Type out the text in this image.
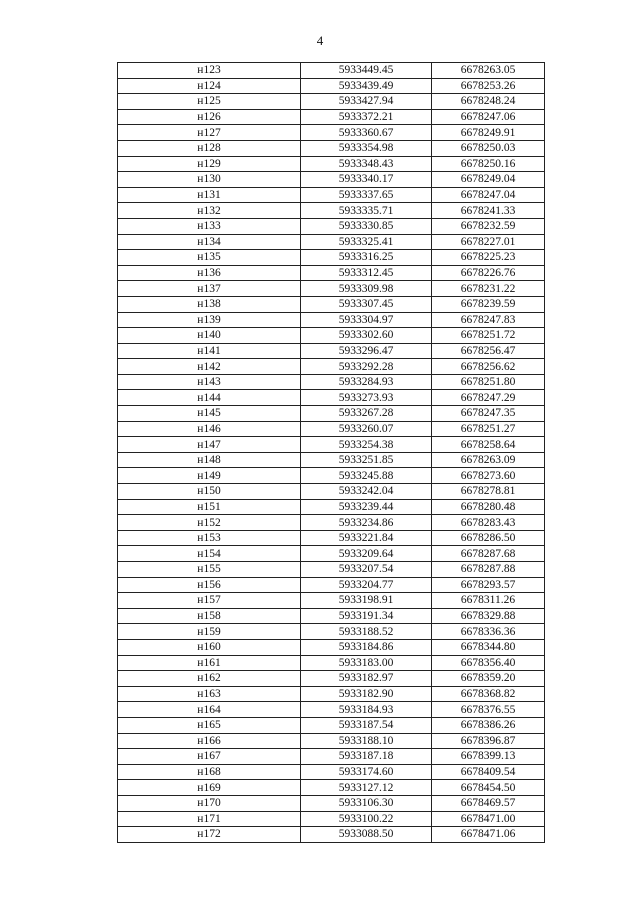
4
н123	5933449.45	6678263.05
н124	5933439.49	6678253.26
н125	5933427.94	6678248.24
н126	5933372.21	6678247.06
н127	5933360.67	6678249.91
н128	5933354.98	6678250.03
н129	5933348.43	6678250.16
н130	5933340.17	6678249.04
н131	5933337.65	6678247.04
н132	5933335.71	6678241.33
н133	5933330.85	6678232.59
н134	5933325.41	6678227.01
н135	5933316.25	6678225.23
н136	5933312.45	6678226.76
н137	5933309.98	6678231.22
н138	5933307.45	6678239.59
н139	5933304.97	6678247.83
н140	5933302.60	6678251.72
н141	5933296.47	6678256.47
н142	5933292.28	6678256.62
н143	5933284.93	6678251.80
н144	5933273.93	6678247.29
н145	5933267.28	6678247.35
н146	5933260.07	6678251.27
н147	5933254.38	6678258.64
н148	5933251.85	6678263.09
н149	5933245.88	6678273.60
н150	5933242.04	6678278.81
н151	5933239.44	6678280.48
н152	5933234.86	6678283.43
н153	5933221.84	6678286.50
н154	5933209.64	6678287.68
н155	5933207.54	6678287.88
н156	5933204.77	6678293.57
н157	5933198.91	6678311.26
н158	5933191.34	6678329.88
н159	5933188.52	6678336.36
н160	5933184.86	6678344.80
н161	5933183.00	6678356.40
н162	5933182.97	6678359.20
н163	5933182.90	6678368.82
н164	5933184.93	6678376.55
н165	5933187.54	6678386.26
н166	5933188.10	6678396.87
н167	5933187.18	6678399.13
н168	5933174.60	6678409.54
н169	5933127.12	6678454.50
н170	5933106.30	6678469.57
н171	5933100.22	6678471.00
н172	5933088.50	6678471.06
